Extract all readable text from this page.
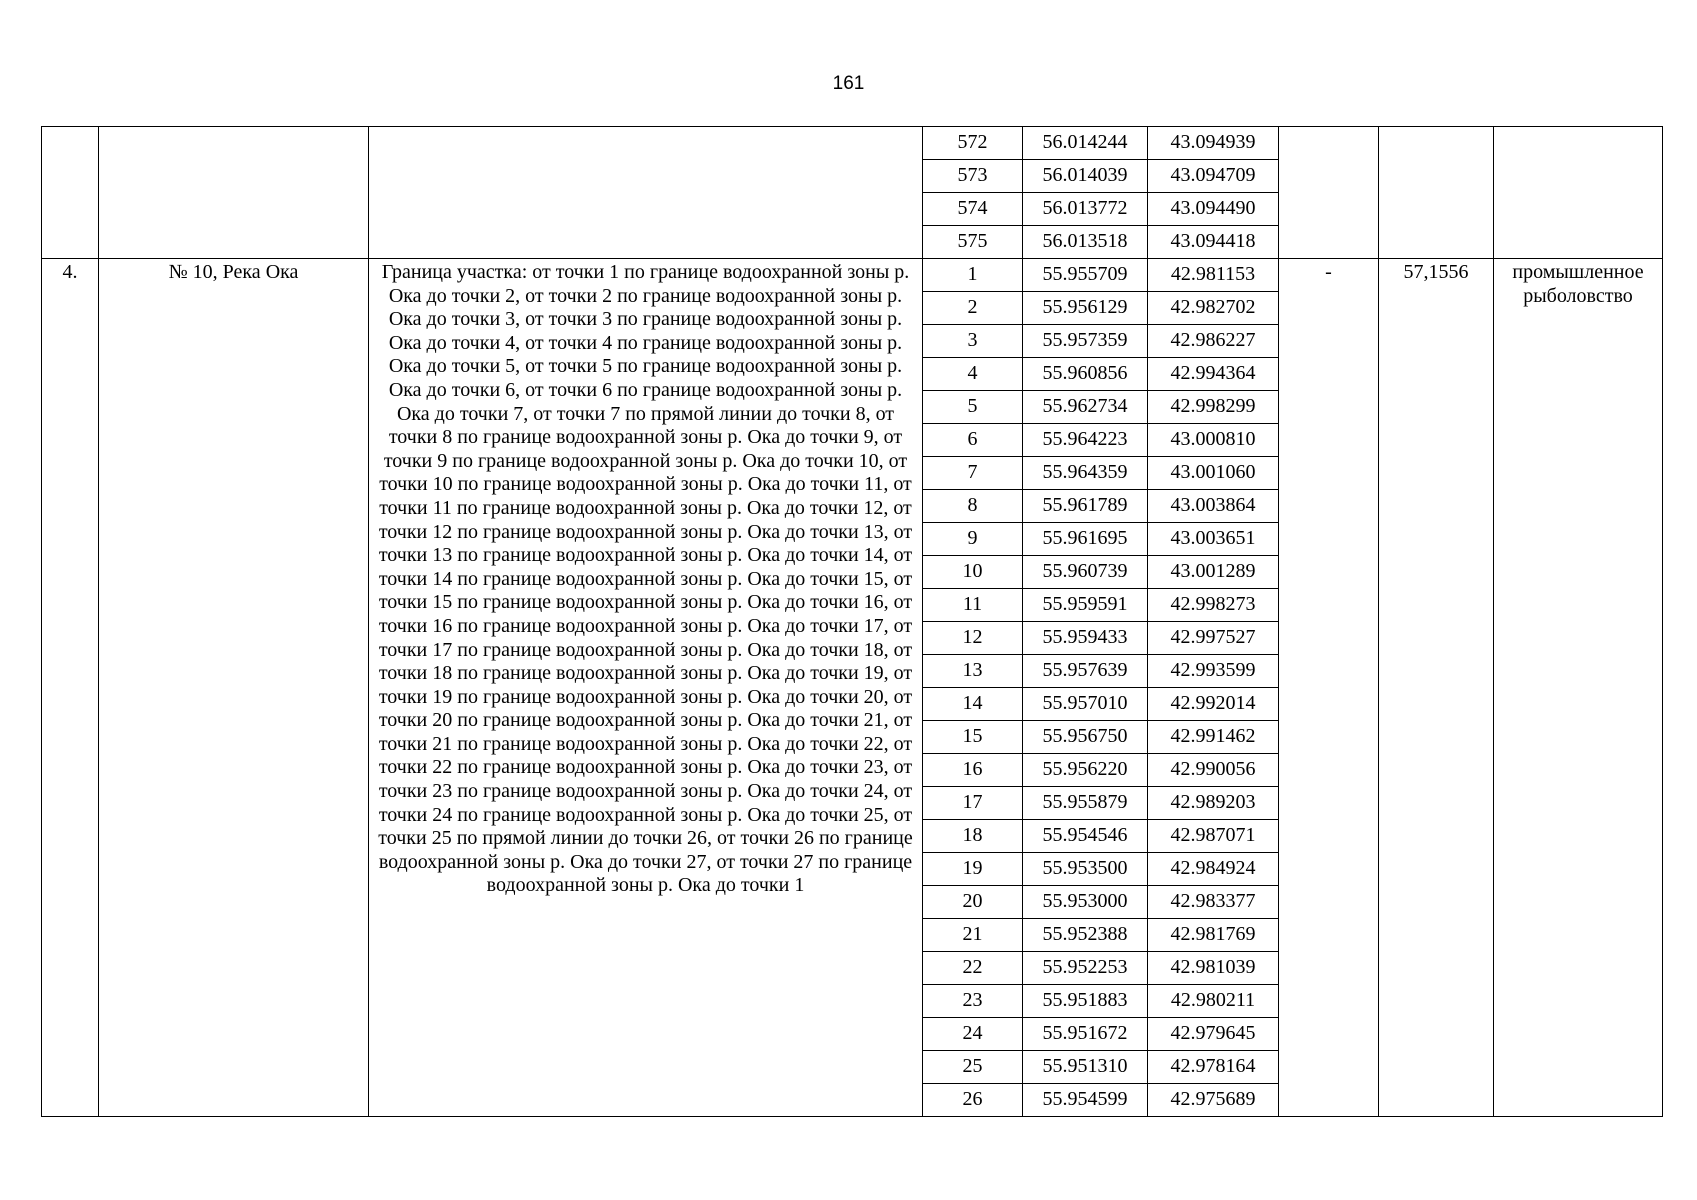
161
			572	56.014244	43.094939			
			573	56.014039	43.094709			
			574	56.013772	43.094490			
			575	56.013518	43.094418			
4.	№ 10, Река Ока	Граница участка: от точки 1 по границе водоохранной зоны р. Ока до точки 2, от точки 2 по границе водоохранной зоны р. Ока до точки 3, от точки 3 по границе водоохранной зоны р. Ока до точки 4, от точки 4 по границе водоохранной зоны р. Ока до точки 5, от точки 5 по границе водоохранной зоны р. Ока до точки 6, от точки 6 по границе водоохранной зоны р. Ока до точки 7, от точки 7 по прямой линии до точки 8, от точки 8 по границе водоохранной зоны р. Ока до точки 9, от точки 9 по границе водоохранной зоны р. Ока до точки 10, от точки 10 по границе водоохранной зоны р. Ока до точки 11, от точки 11 по границе водоохранной зоны р. Ока до точки 12, от точки 12 по границе водоохранной зоны р. Ока до точки 13, от точки 13 по границе водоохранной зоны р. Ока до точки 14, от точки 14 по границе водоохранной зоны р. Ока до точки 15, от точки 15 по границе водоохранной зоны р. Ока до точки 16, от точки 16 по границе водоохранной зоны р. Ока до точки 17, от точки 17 по границе водоохранной зоны р. Ока до точки 18, от точки 18 по границе водоохранной зоны р. Ока до точки 19, от точки 19 по границе водоохранной зоны р. Ока до точки 20, от точки 20 по границе водоохранной зоны р. Ока до точки 21, от точки 21 по границе водоохранной зоны р. Ока до точки 22, от точки 22 по границе водоохранной зоны р. Ока до точки 23, от точки 23 по границе водоохранной зоны р. Ока до точки 24, от точки 24 по границе водоохранной зоны р. Ока до точки 25, от точки 25 по прямой линии до точки 26, от точки 26 по границе водоохранной зоны р. Ока до точки 27, от точки 27 по границе водоохранной зоны р. Ока до точки 1	1	55.955709	42.981153	-	57,1556	промышленное рыболовство
			2	55.956129	42.982702			
			3	55.957359	42.986227			
			4	55.960856	42.994364			
			5	55.962734	42.998299			
			6	55.964223	43.000810			
			7	55.964359	43.001060			
			8	55.961789	43.003864			
			9	55.961695	43.003651			
			10	55.960739	43.001289			
			11	55.959591	42.998273			
			12	55.959433	42.997527			
			13	55.957639	42.993599			
			14	55.957010	42.992014			
			15	55.956750	42.991462			
			16	55.956220	42.990056			
			17	55.955879	42.989203			
			18	55.954546	42.987071			
			19	55.953500	42.984924			
			20	55.953000	42.983377			
			21	55.952388	42.981769			
			22	55.952253	42.981039			
			23	55.951883	42.980211			
			24	55.951672	42.979645			
			25	55.951310	42.978164			
			26	55.954599	42.975689			
